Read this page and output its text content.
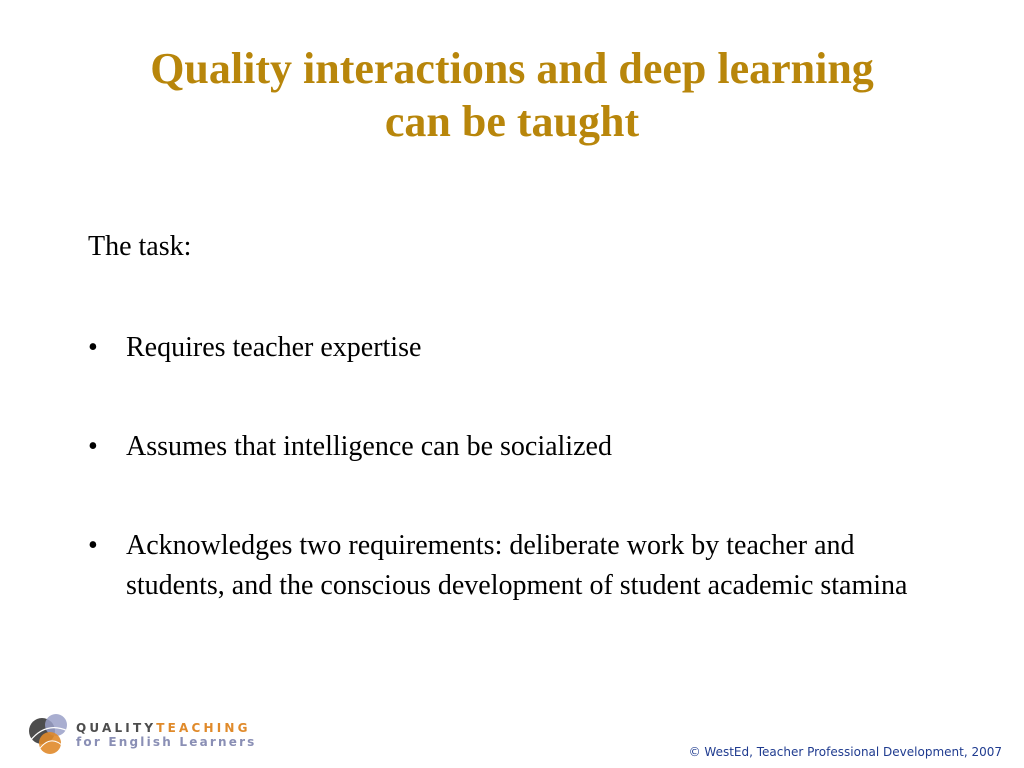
Quality interactions and deep learning
can be taught

The task:

•	Requires teacher expertise
•	Assumes that intelligence can be socialized
•	Acknowledges two requirements: deliberate work by teacher and students, and the conscious development of student academic stamina
QUALITYTEACHING
for English Learners
© WestEd, Teacher Professional Development, 2007
